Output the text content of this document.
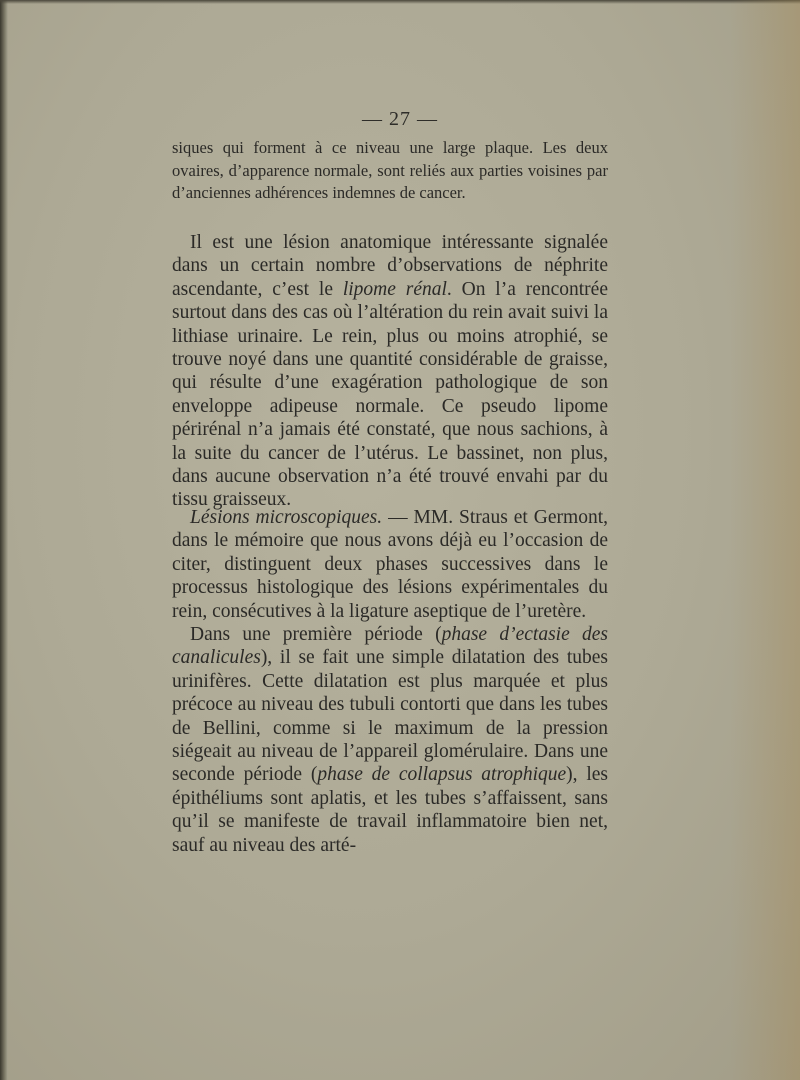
— 27 —

siques qui forment à ce niveau une large plaque. Les deux ovaires, d’apparence normale, sont reliés aux parties voisines par d’anciennes adhérences indemnes de cancer.

Il est une lésion anatomique intéressante signalée dans un certain nombre d’observations de néphrite ascendante, c’est le lipome rénal. On l’a rencontrée surtout dans des cas où l’altération du rein avait suivi la lithiase urinaire. Le rein, plus ou moins atrophié, se trouve noyé dans une quantité considérable de graisse, qui résulte d’une exagération pathologique de son enveloppe adipeuse normale. Ce pseudo lipome périrénal n’a jamais été constaté, que nous sachions, à la suite du cancer de l’utérus. Le bassinet, non plus, dans aucune observation n’a été trouvé envahi par du tissu graisseux.

Lésions microscopiques. — MM. Straus et Germont, dans le mémoire que nous avons déjà eu l’occasion de citer, distinguent deux phases successives dans le processus histologique des lésions expérimentales du rein, consécutives à la ligature aseptique de l’uretère.

Dans une première période (phase d’ectasie des canalicules), il se fait une simple dilatation des tubes urinifères. Cette dilatation est plus marquée et plus précoce au niveau des tubuli contorti que dans les tubes de Bellini, comme si le maximum de la pression siégeait au niveau de l’appareil glomérulaire. Dans une seconde période (phase de collapsus atrophique), les épithéliums sont aplatis, et les tubes s’affaissent, sans qu’il se manifeste de travail inflammatoire bien net, sauf au niveau des arté-
